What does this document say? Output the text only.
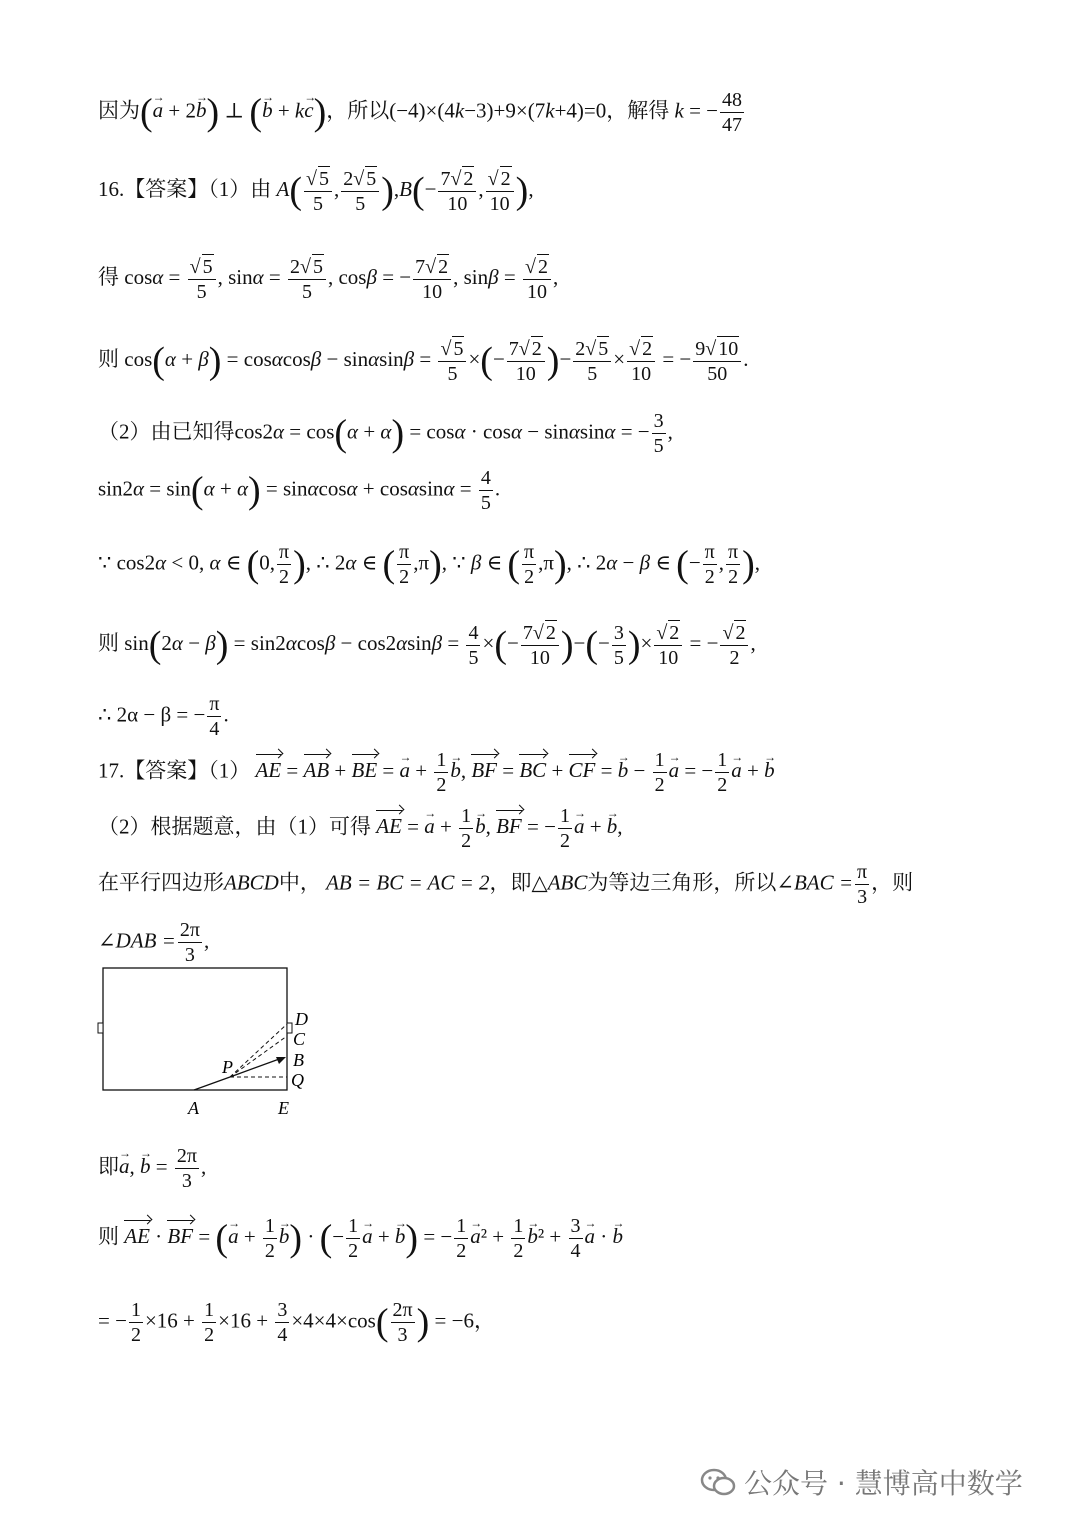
因为(→ a + 2→ b) ⊥ (→ b + k→ c)，所以(−4)×(4k−3)+9×(7k+4)=0，解得 k = − $\frac{48}{47}$
16.【答案】（1）由 $A( \frac{√ 5}{5}$ , $\frac{2√ 5}{5} ),B(- \frac{7√ 2}{10}$ , $\frac{√ 2}{10}$ ),
得 $\cos\alpha = \frac{√ 5}{5}$ , $\sin\alpha = \frac{2√ 5}{5}$ , cosβ = − $\frac{7√ 2}{10}$ , $\sin\beta = \frac{√ 2}{10}$ ,
则 $\cos(\alpha + \beta) = \cos\alpha\cos\beta - \sin\alpha\sin\beta = \frac{√ 5}{5}$ ×(− $\frac{7√ 2}{10}$ )− $\frac{2√ 5}{5} \times \frac{√ 2}{10}$ = − $\frac{9√ 10}{50}$ .
（2）由已知得cos2α = cos(α + α) = cosα · cosα − sinαsinα = − $\frac{3}{5}$ ,
$\sin 2\alpha = \sin(\alpha + \alpha) = \sin\alpha\cos\alpha + \cos\alpha\sin\alpha = \frac{4}{5}$ .
∵ cos2α < 0, α ∈ (0, $\frac{\pi}{2}$ ), ∴ 2α ∈ ( $\frac{\pi}{2} ,\pi$), ∵ β ∈ ( $\frac{\pi}{2} ,\pi$), ∴ 2α − β ∈ (− $\frac{\pi}{2}$ , $\frac{\pi}{2}$ ),
则 $\sin(2\alpha - \beta) = \sin 2\alpha\cos\beta - \cos 2\alpha\sin\beta = \frac{4}{5}$ ×(− $\frac{7√ 2}{10}$ )−(− $\frac{3}{5}$ )× $\frac{√ 2}{10}$ = − $\frac{√ 2}{2}$ ,
∴ 2α − β = − $\frac{\pi}{4}$ .
17.【答案】（1） AE = AB + BE = → $a + \frac{1}{2}$
→ b, BF = BC + CF = → $b - \frac{1}{2}$
→ a = − $\frac{1}{2}$
→ a + → b
（2）根据题意，由（1）可得 AE = → $a + \frac{1}{2}$
→ b, BF = − $\frac{1}{2}$
→ a + → b,
在平行四边形ABCD中， AB = BC = AC = 2，即△ABC为等边三角形，所以∠BAC = $\frac{\pi}{3}$ ，则
∠DAB = $\frac{2\pi}{3}$ ,
D
C
B
Q
P
A	E
即→ a, → $b = \frac{2\pi}{3}$ ,
则 AE · BF = (→ $a + \frac{1}{2}$
→ b) · (− $\frac{1}{2}$
→ a + → b) = − $\frac{1}{2}$
→ $a^2 + \frac{1}{2}$
→ $b^2 + \frac{3}{4}$
→ a · → b
= − $\frac{1}{2} \times 16 + \frac{1}{2} \times 16 + \frac{3}{4} \times 4\times 4\times\cos( \frac{2\pi}{3}$ ) = −6，
公众号 · 慧博高中数学
